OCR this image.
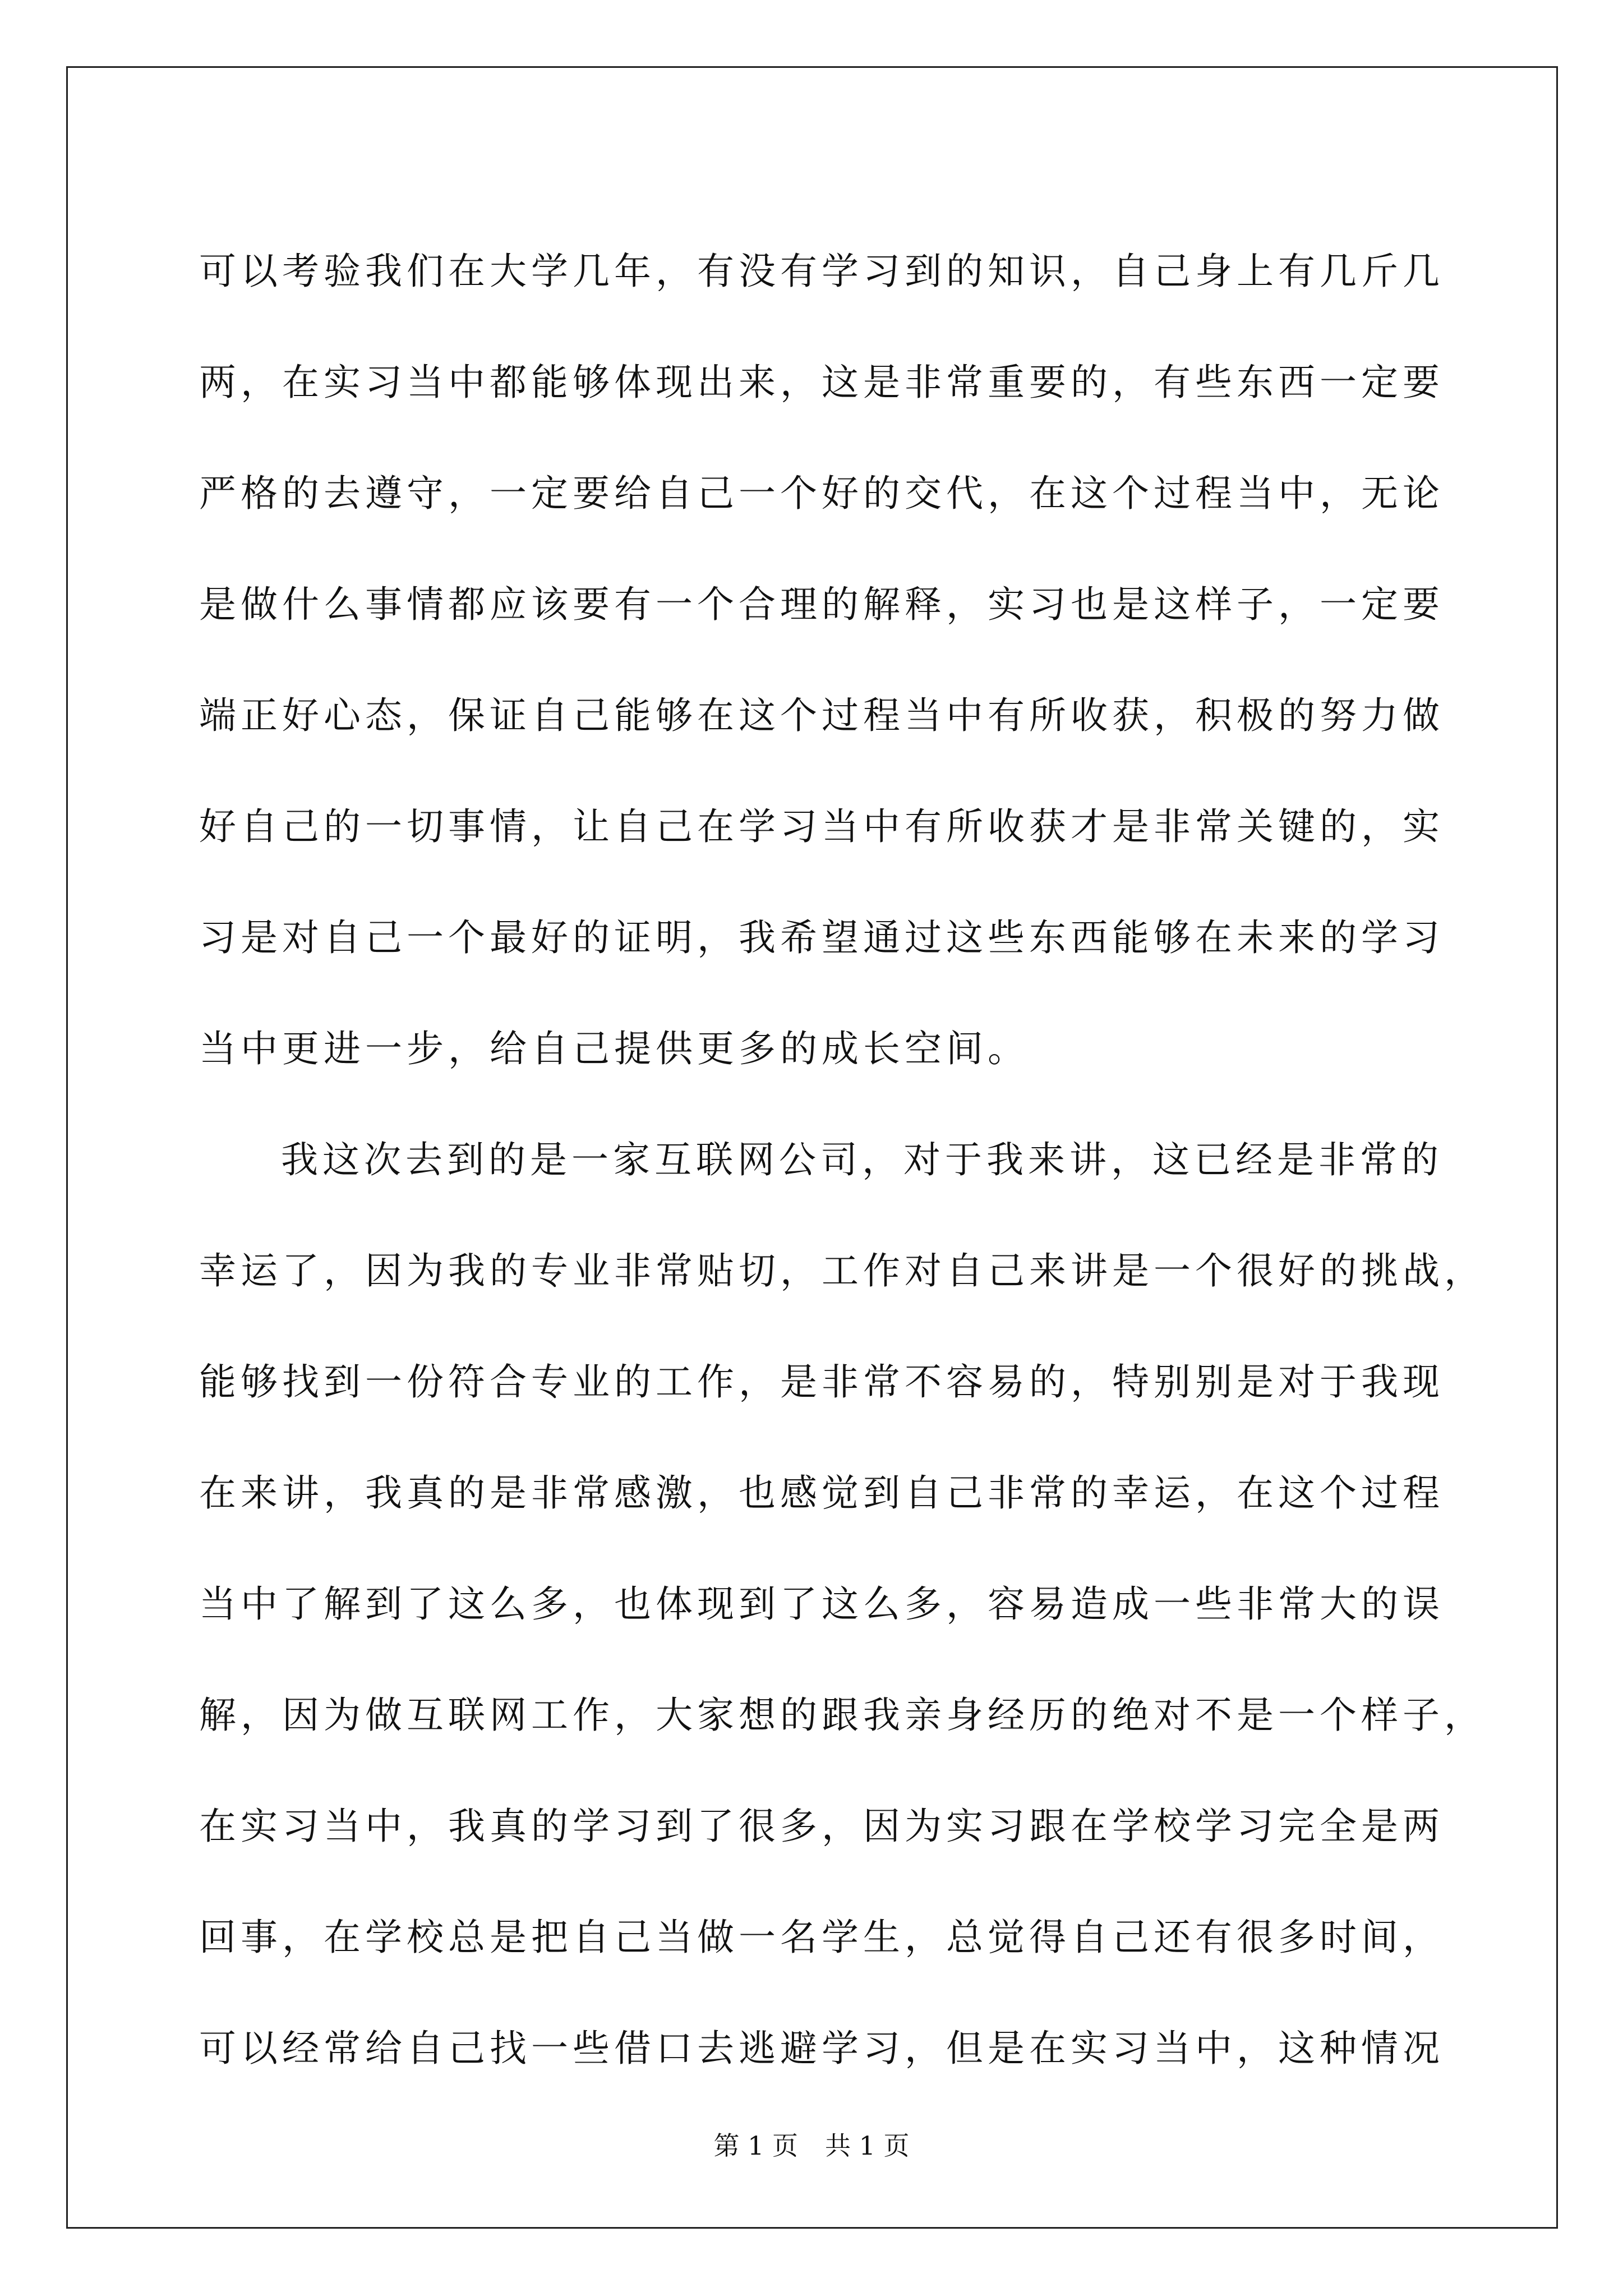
可以考验我们在大学几年，有没有学习到的知识，自己身上有几斤几
两，在实习当中都能够体现出来，这是非常重要的，有些东西一定要
严格的去遵守，一定要给自己一个好的交代，在这个过程当中，无论
是做什么事情都应该要有一个合理的解释，实习也是这样子，一定要
端正好心态，保证自己能够在这个过程当中有所收获，积极的努力做
好自己的一切事情，让自己在学习当中有所收获才是非常关键的，实
习是对自己一个最好的证明，我希望通过这些东西能够在未来的学习
当中更进一步，给自己提供更多的成长空间。
我这次去到的是一家互联网公司，对于我来讲，这已经是非常的
幸运了，因为我的专业非常贴切，工作对自己来讲是一个很好的挑战，
能够找到一份符合专业的工作，是非常不容易的，特别别是对于我现
在来讲，我真的是非常感激，也感觉到自己非常的幸运，在这个过程
当中了解到了这么多，也体现到了这么多，容易造成一些非常大的误
解，因为做互联网工作，大家想的跟我亲身经历的绝对不是一个样子，
在实习当中，我真的学习到了很多，因为实习跟在学校学习完全是两
回事，在学校总是把自己当做一名学生，总觉得自己还有很多时间，
可以经常给自己找一些借口去逃避学习，但是在实习当中，这种情况
第 1 页 共 1 页
